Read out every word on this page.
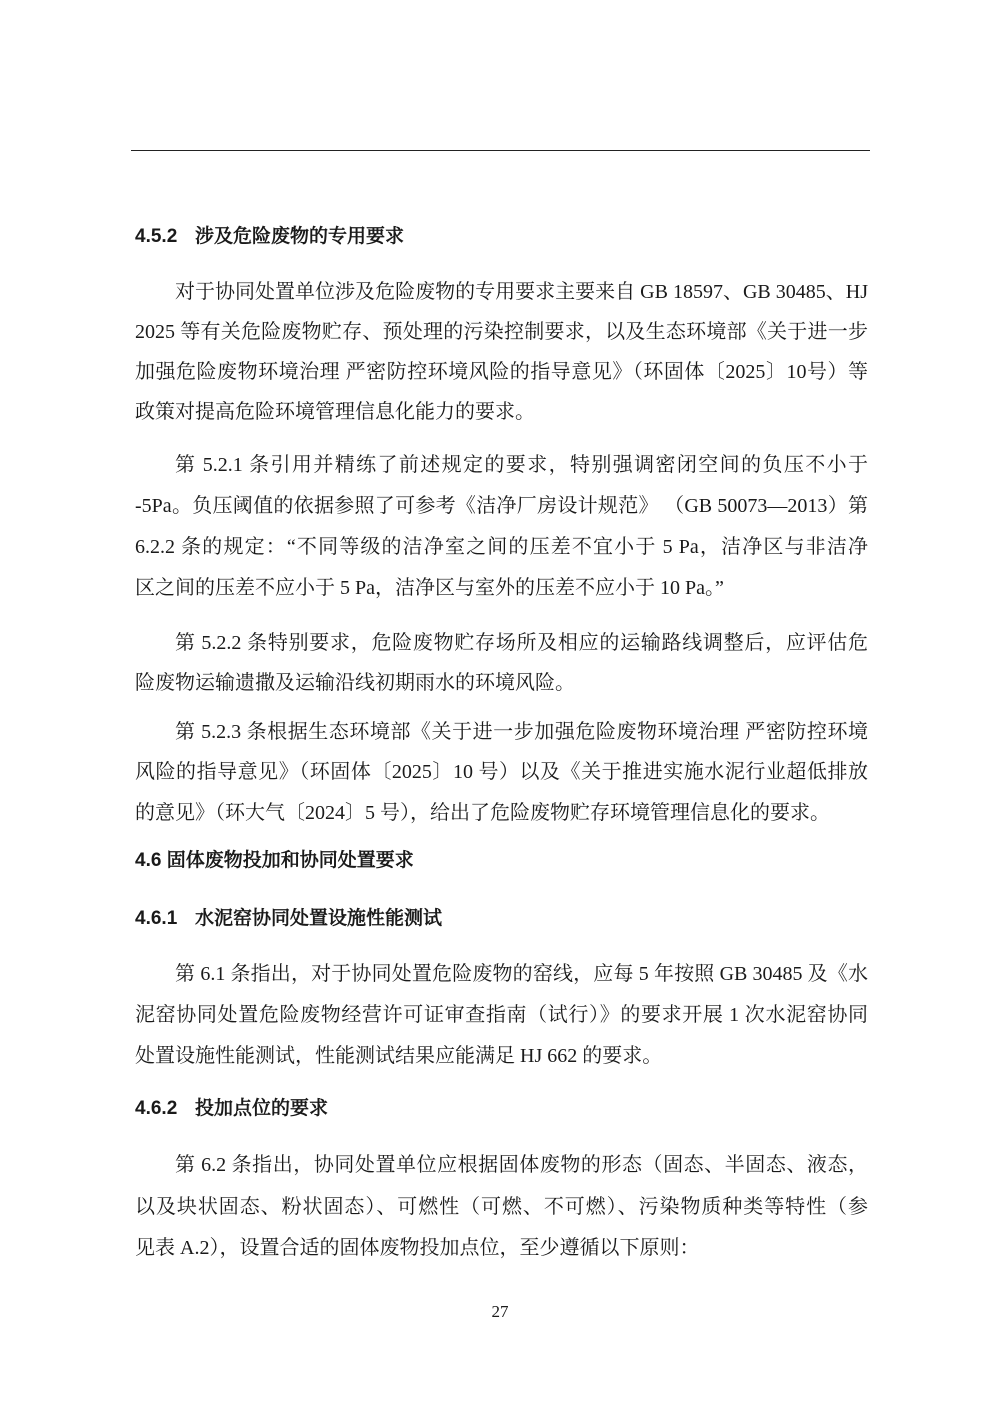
4.5.2 涉及危险废物的专用要求
对于协同处置单位涉及危险废物的专用要求主要来自 GB 18597、GB 30485、HJ
2025 等有关危险废物贮存、预处理的污染控制要求，以及生态环境部《关于进一步
加强危险废物环境治理 严密防控环境风险的指导意见》（环固体〔2025〕10号）等
政策对提高危险环境管理信息化能力的要求。
第 5.2.1 条引用并精练了前述规定的要求，特别强调密闭空间的负压不小于
-5Pa。负压阈值的依据参照了可参考《洁净厂房设计规范》 （GB 50073—2013）第
6.2.2 条的规定：“不同等级的洁净室之间的压差不宜小于 5 Pa，洁净区与非洁净
区之间的压差不应小于 5 Pa，洁净区与室外的压差不应小于 10 Pa。”
第 5.2.2 条特别要求，危险废物贮存场所及相应的运输路线调整后，应评估危
险废物运输遗撒及运输沿线初期雨水的环境风险。
第 5.2.3 条根据生态环境部《关于进一步加强危险废物环境治理 严密防控环境
风险的指导意见》（环固体〔2025〕10 号）以及《关于推进实施水泥行业超低排放
的意见》（环大气〔2024〕5 号），给出了危险废物贮存环境管理信息化的要求。
4.6 固体废物投加和协同处置要求
4.6.1 水泥窑协同处置设施性能测试
第 6.1 条指出，对于协同处置危险废物的窑线，应每 5 年按照 GB 30485 及《水
泥窑协同处置危险废物经营许可证审查指南（试行）》的要求开展 1 次水泥窑协同
处置设施性能测试，性能测试结果应能满足 HJ 662 的要求。
4.6.2 投加点位的要求
第 6.2 条指出，协同处置单位应根据固体废物的形态（固态、半固态、液态，
以及块状固态、粉状固态）、可燃性（可燃、不可燃）、污染物质种类等特性（参
见表 A.2），设置合适的固体废物投加点位，至少遵循以下原则：
27
